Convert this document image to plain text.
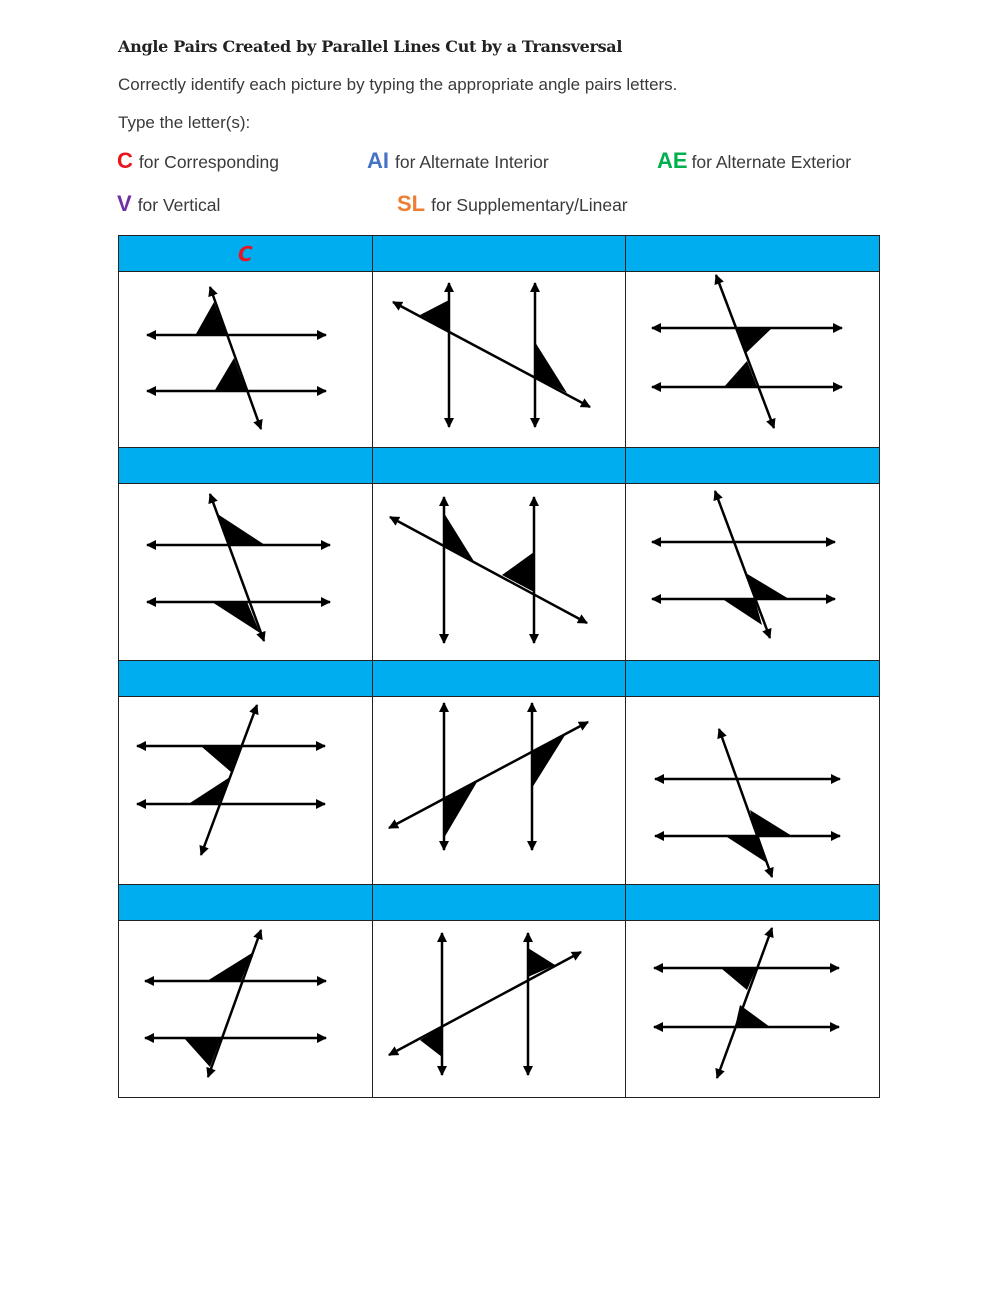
Angle Pairs Created by Parallel Lines Cut by a Transversal
Correctly identify each picture by typing the appropriate angle pairs letters.
Type the letter(s):
C for Corresponding	AI for Alternate Interior	AE for Alternate Exterior
V for Vertical	SL for Supplementary/Linear
C		
